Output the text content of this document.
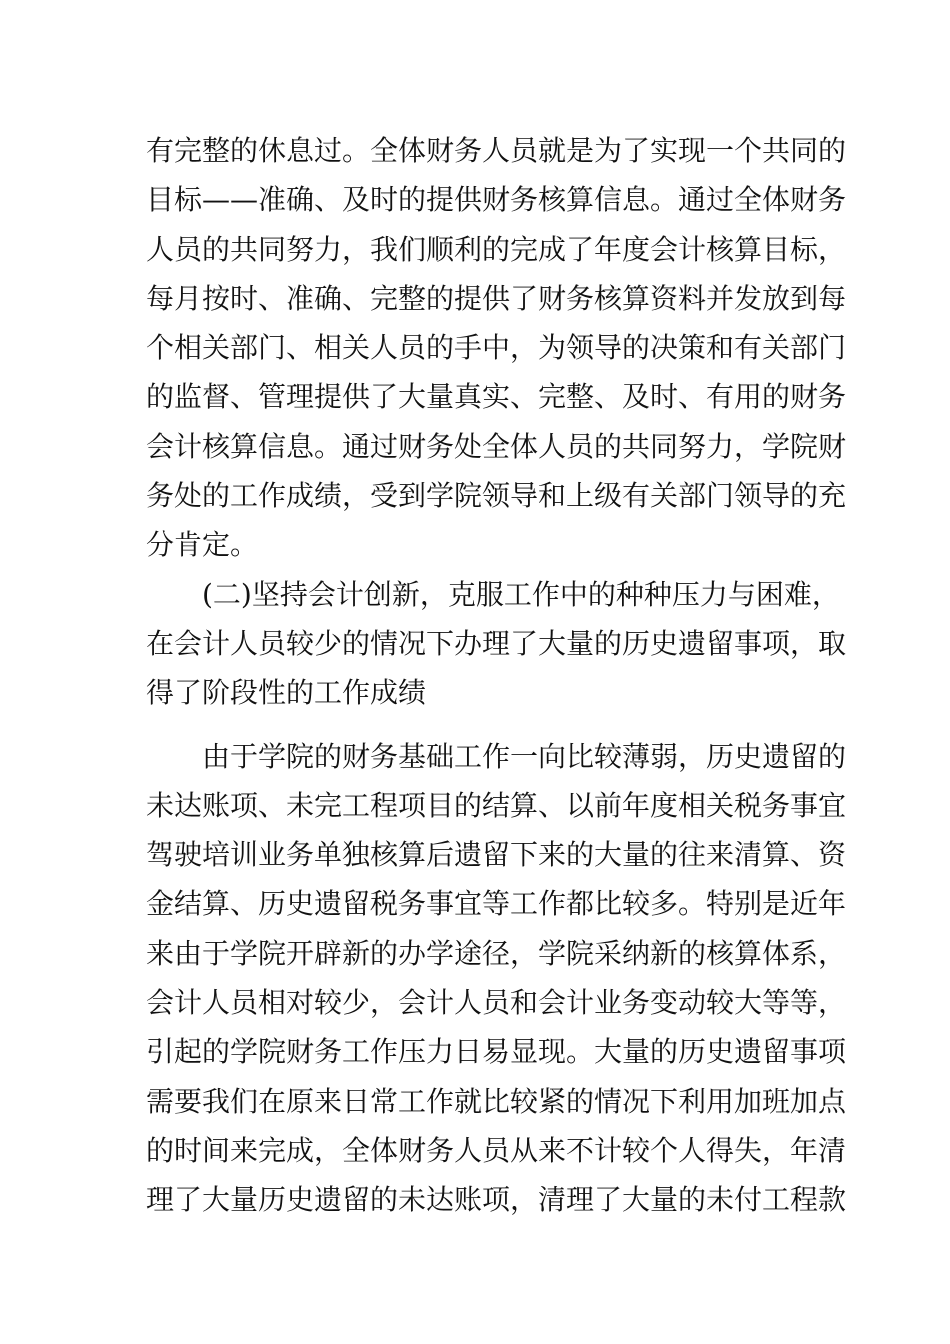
有完整的休息过。全体财务人员就是为了实现一个共同的
目标——准确、及时的提供财务核算信息。通过全体财务
人员的共同努力，我们顺利的完成了年度会计核算目标，
每月按时、准确、完整的提供了财务核算资料并发放到每
个相关部门、相关人员的手中，为领导的决策和有关部门
的监督、管理提供了大量真实、完整、及时、有用的财务
会计核算信息。通过财务处全体人员的共同努力，学院财
务处的工作成绩，受到学院领导和上级有关部门领导的充
分肯定。
(二)坚持会计创新，克服工作中的种种压力与困难，
在会计人员较少的情况下办理了大量的历史遗留事项，取
得了阶段性的工作成绩
由于学院的财务基础工作一向比较薄弱，历史遗留的
未达账项、未完工程项目的结算、以前年度相关税务事宜
驾驶培训业务单独核算后遗留下来的大量的往来清算、资
金结算、历史遗留税务事宜等工作都比较多。特别是近年
来由于学院开辟新的办学途径，学院采纳新的核算体系，
会计人员相对较少，会计人员和会计业务变动较大等等，
引起的学院财务工作压力日易显现。大量的历史遗留事项
需要我们在原来日常工作就比较紧的情况下利用加班加点
的时间来完成，全体财务人员从来不计较个人得失，年清
理了大量历史遗留的未达账项，清理了大量的未付工程款
